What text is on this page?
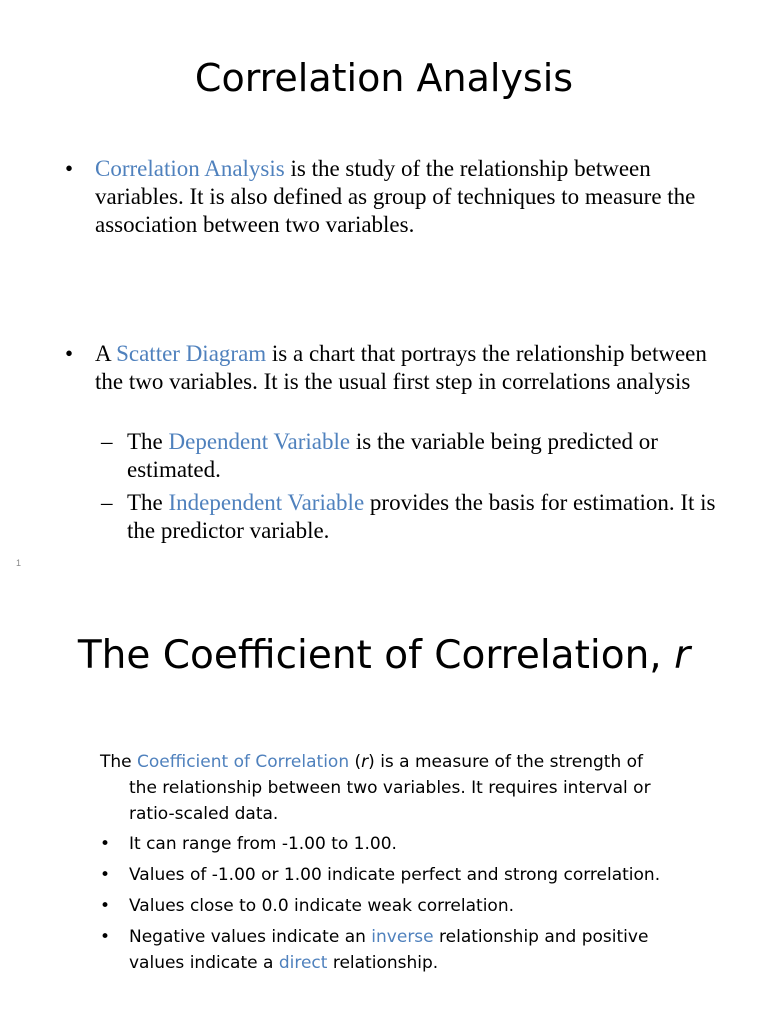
Correlation Analysis
• Correlation Analysis is the study of the relationship between variables. It is also defined as group of techniques to measure the association between two variables.
• A Scatter Diagram is a chart that portrays the relationship between the two variables. It is the usual first step in correlations analysis
– The Dependent Variable is the variable being predicted or estimated.
– The Independent Variable provides the basis for estimation. It is the predictor variable.
1
The Coefficient of Correlation, r
The Coefficient of Correlation (r) is a measure of the strength of
the relationship between two variables. It requires interval or
ratio-scaled data.
• It can range from -1.00 to 1.00.
• Values of -1.00 or 1.00 indicate perfect and strong correlation.
• Values close to 0.0 indicate weak correlation.
• Negative values indicate an inverse relationship and positive
values indicate a direct relationship.
